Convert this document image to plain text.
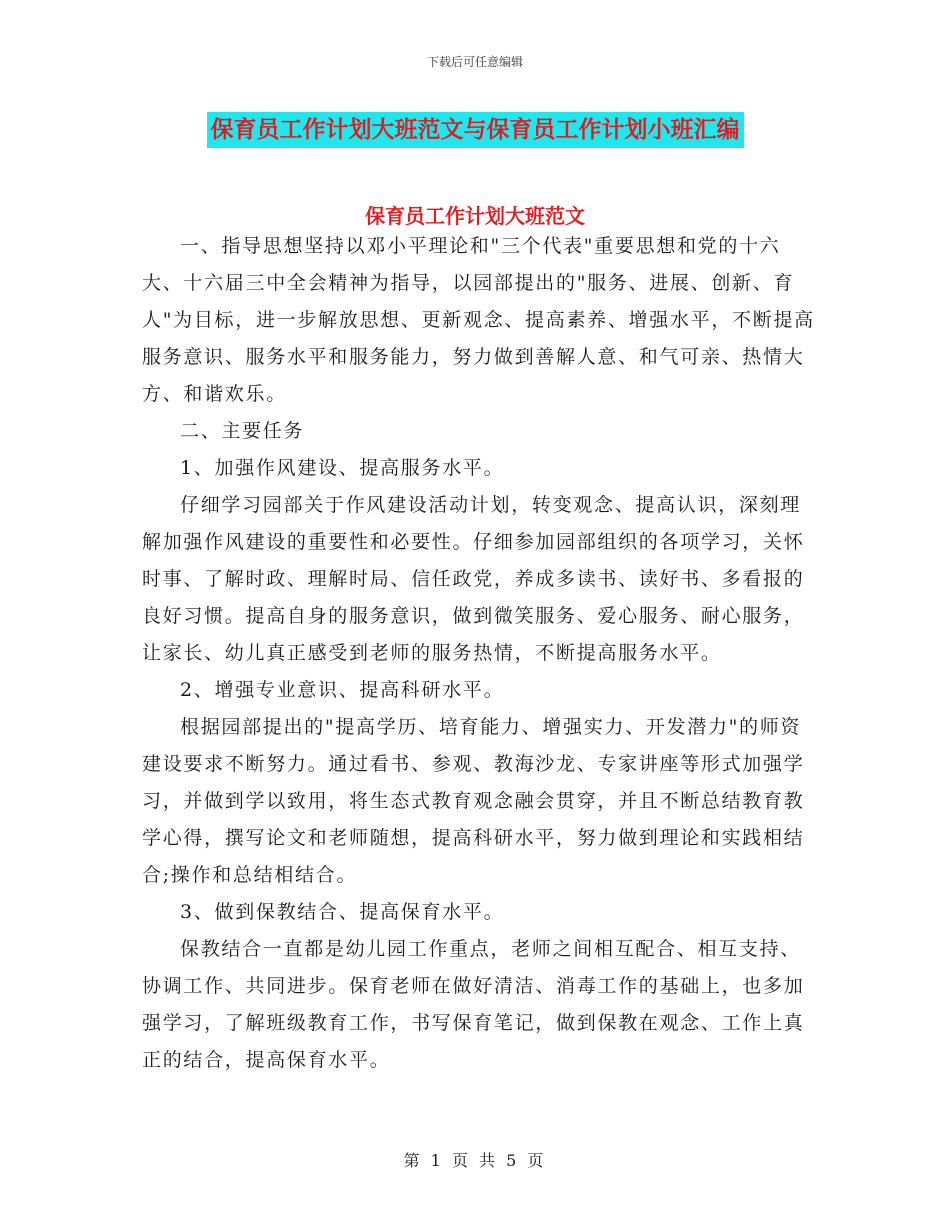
下载后可任意编辑
保育员工作计划大班范文与保育员工作计划小班汇编
保育员工作计划大班范文

一、指导思想坚持以邓小平理论和"三个代表"重要思想和党的十六大、十六届三中全会精神为指导，以园部提出的"服务、进展、创新、育人"为目标，进一步解放思想、更新观念、提高素养、增强水平，不断提高服务意识、服务水平和服务能力，努力做到善解人意、和气可亲、热情大方、和谐欢乐。

二、主要任务

1、加强作风建设、提高服务水平。

仔细学习园部关于作风建设活动计划，转变观念、提高认识，深刻理解加强作风建设的重要性和必要性。仔细参加园部组织的各项学习，关怀时事、了解时政、理解时局、信任政党，养成多读书、读好书、多看报的良好习惯。提高自身的服务意识，做到微笑服务、爱心服务、耐心服务，让家长、幼儿真正感受到老师的服务热情，不断提高服务水平。

2、增强专业意识、提高科研水平。

根据园部提出的"提高学历、培育能力、增强实力、开发潜力"的师资建设要求不断努力。通过看书、参观、教海沙龙、专家讲座等形式加强学习，并做到学以致用，将生态式教育观念融会贯穿，并且不断总结教育教学心得，撰写论文和老师随想，提高科研水平，努力做到理论和实践相结合;操作和总结相结合。

3、做到保教结合、提高保育水平。

保教结合一直都是幼儿园工作重点，老师之间相互配合、相互支持、协调工作、共同进步。保育老师在做好清洁、消毒工作的基础上，也多加强学习，了解班级教育工作，书写保育笔记，做到保教在观念、工作上真正的结合，提高保育水平。

第 1 页 共 5 页
